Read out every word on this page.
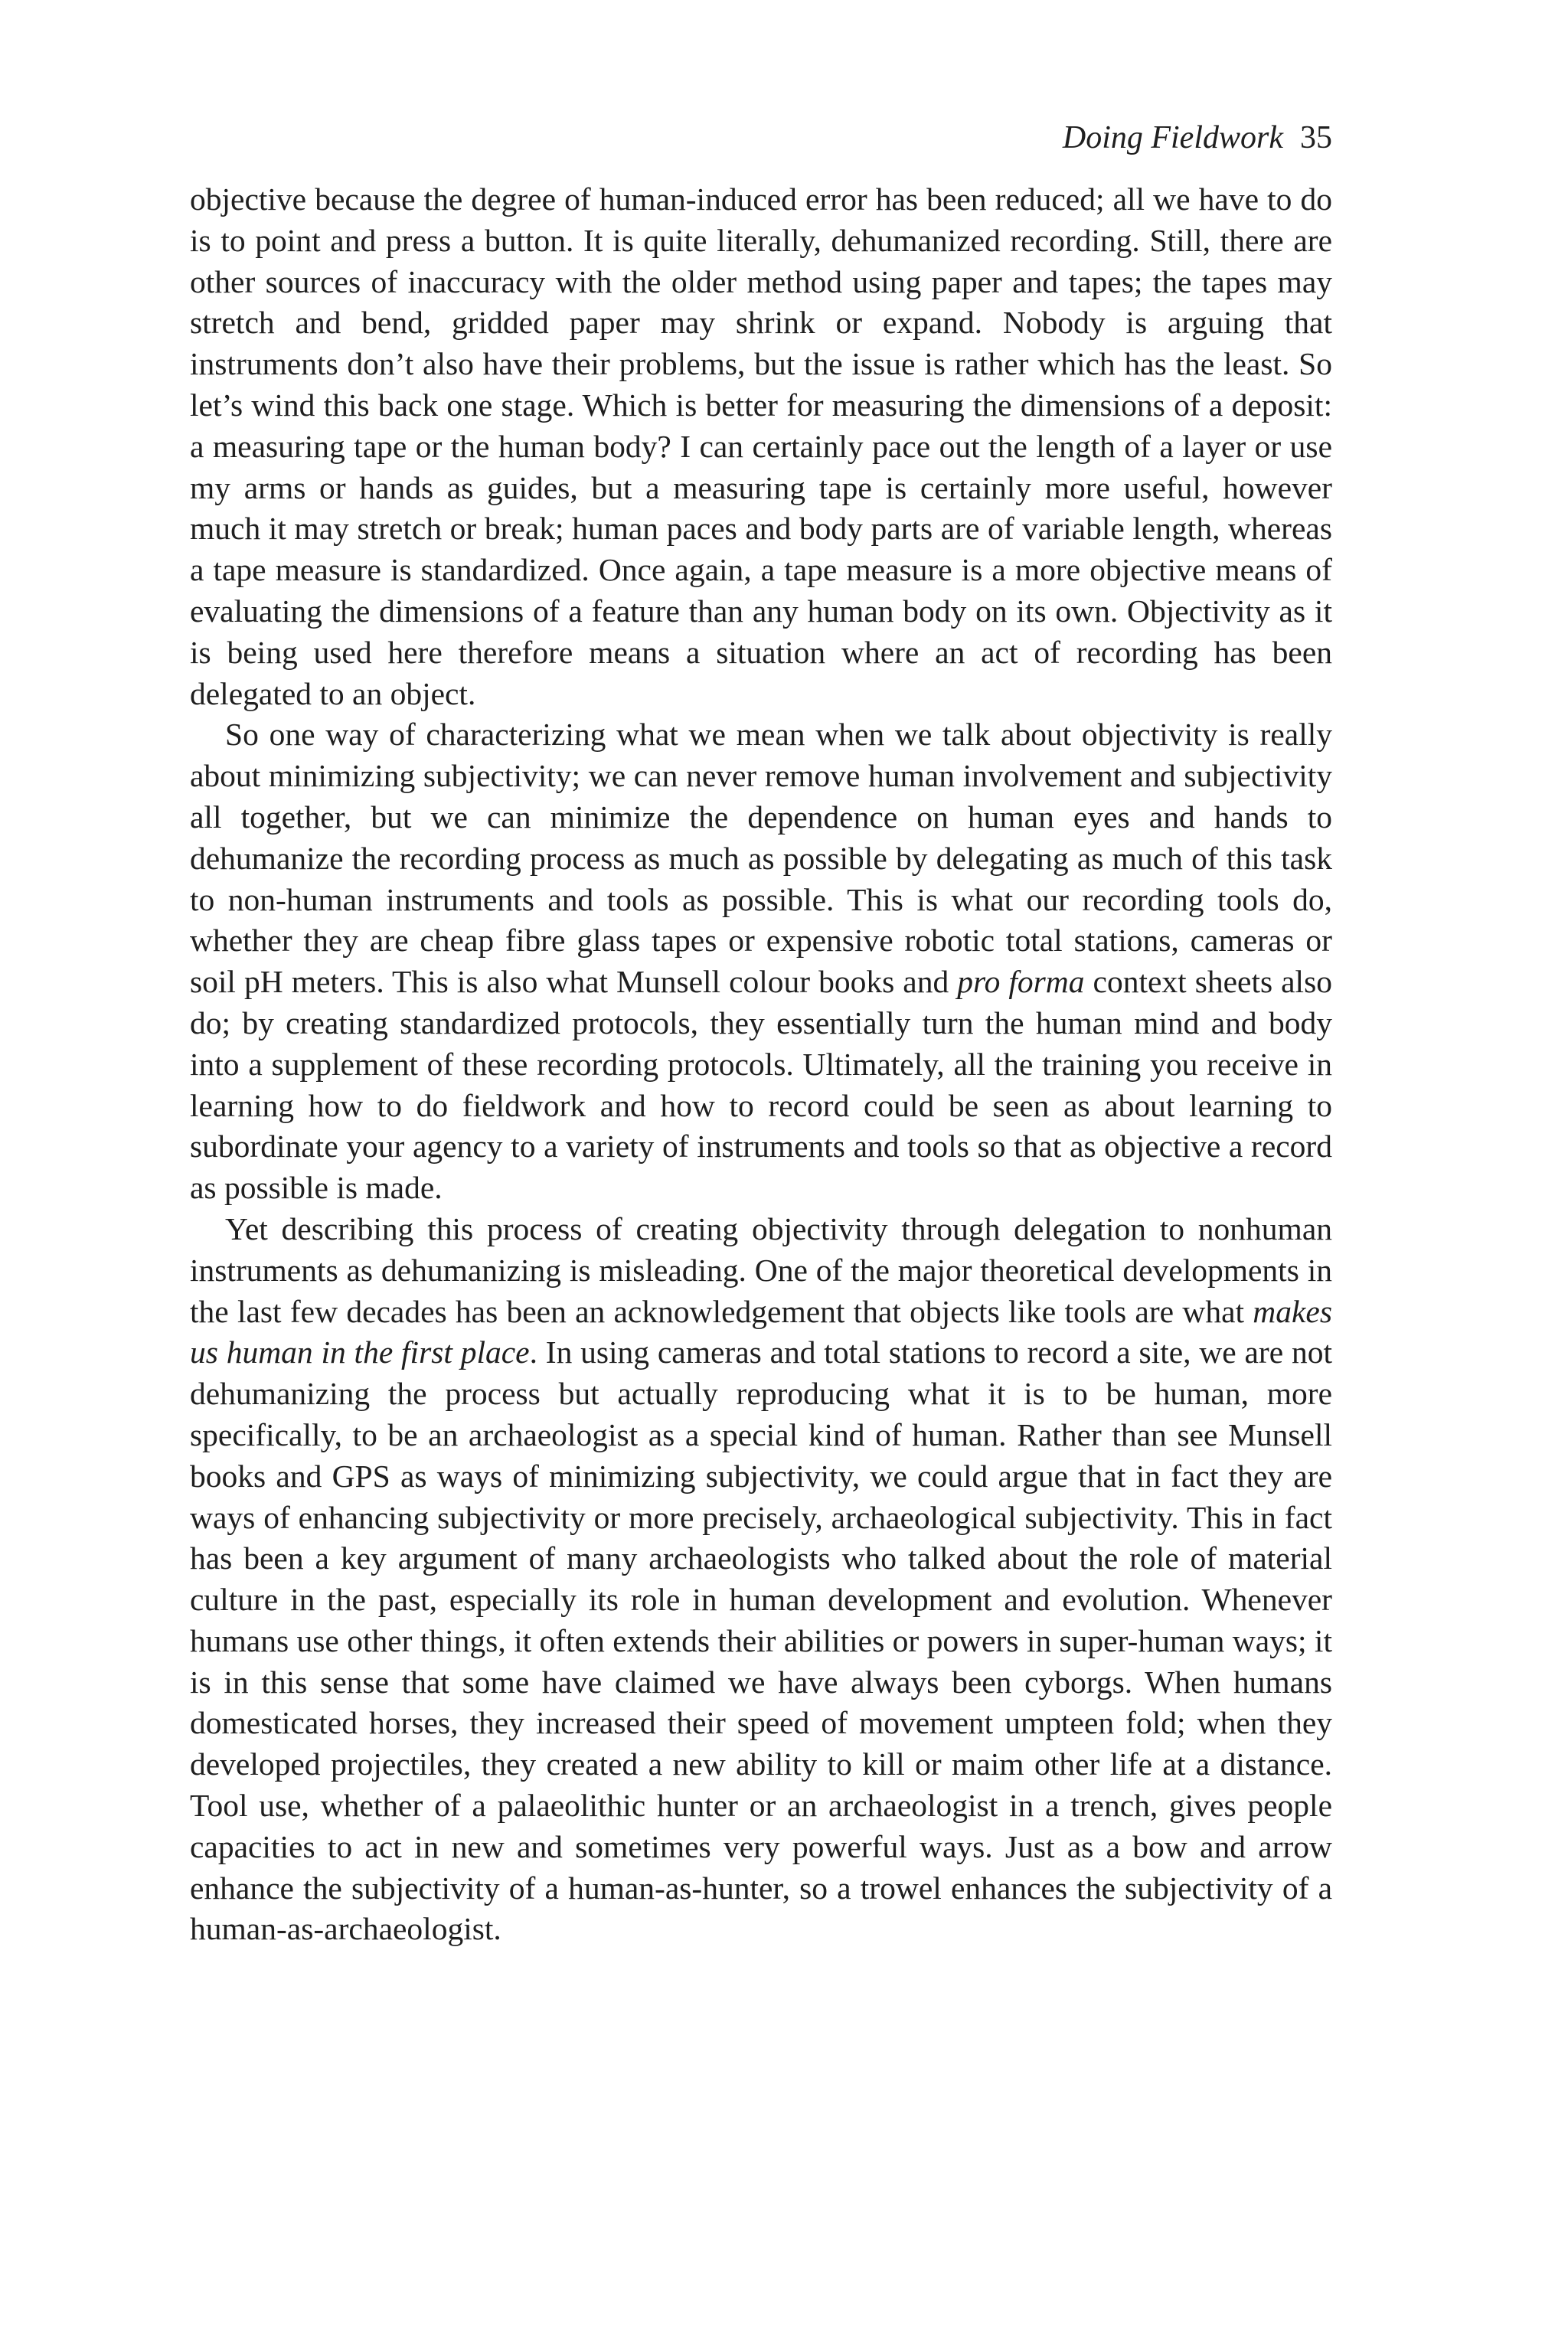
Doing Fieldwork 35

objective because the degree of human-induced error has been reduced; all we have to do is to point and press a button. It is quite literally, dehumanized recording. Still, there are other sources of inaccuracy with the older method using paper and tapes; the tapes may stretch and bend, gridded paper may shrink or expand. Nobody is arguing that instruments don’t also have their problems, but the issue is rather which has the least. So let’s wind this back one stage. Which is better for measuring the dimensions of a deposit: a measuring tape or the human body? I can certainly pace out the length of a layer or use my arms or hands as guides, but a measuring tape is certainly more useful, however much it may stretch or break; human paces and body parts are of variable length, whereas a tape measure is standardized. Once again, a tape measure is a more objective means of evaluating the dimensions of a feature than any human body on its own. Objectivity as it is being used here therefore means a situation where an act of recording has been delegated to an object.

So one way of characterizing what we mean when we talk about objectivity is really about minimizing subjectivity; we can never remove human involvement and subjectivity all together, but we can minimize the dependence on human eyes and hands to dehumanize the recording process as much as possible by delegating as much of this task to non-human instruments and tools as possible. This is what our recording tools do, whether they are cheap fibre glass tapes or expensive robotic total stations, cameras or soil pH meters. This is also what Munsell colour books and pro forma context sheets also do; by creating standardized protocols, they essentially turn the human mind and body into a supplement of these recording protocols. Ultimately, all the training you receive in learning how to do fieldwork and how to record could be seen as about learning to subordinate your agency to a variety of instruments and tools so that as objective a record as possible is made.

Yet describing this process of creating objectivity through delegation to nonhuman instruments as dehumanizing is misleading. One of the major theoretical developments in the last few decades has been an acknowledgement that objects like tools are what makes us human in the first place. In using cameras and total stations to record a site, we are not dehumanizing the process but actually reproducing what it is to be human, more specifically, to be an archaeologist as a special kind of human. Rather than see Munsell books and GPS as ways of minimizing subjectivity, we could argue that in fact they are ways of enhancing subjectivity or more precisely, archaeological subjectivity. This in fact has been a key argument of many archaeologists who talked about the role of material culture in the past, especially its role in human development and evolution. Whenever humans use other things, it often extends their abilities or powers in super-human ways; it is in this sense that some have claimed we have always been cyborgs. When humans domesticated horses, they increased their speed of movement umpteen fold; when they developed projectiles, they created a new ability to kill or maim other life at a distance. Tool use, whether of a palaeolithic hunter or an archaeologist in a trench, gives people capacities to act in new and sometimes very powerful ways. Just as a bow and arrow enhance the subjectivity of a human-as-hunter, so a trowel enhances the subjectivity of a human-as-archaeologist.
